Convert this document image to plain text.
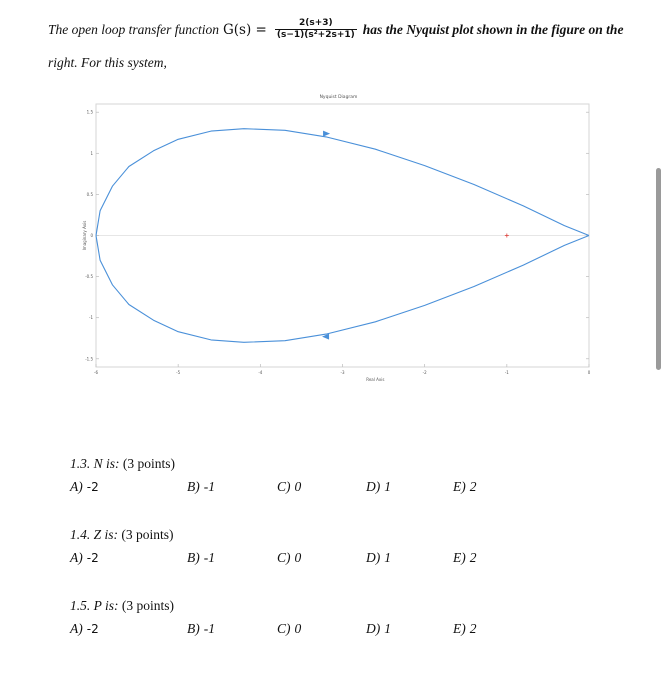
The open loop transfer function $G(s) = \frac{2(s+3)}{\text{(s−1)(s²+2s+1)}}$ has the Nyquist plot shown in the figure on the
right. For this system,
Nyquist Diagram
Real Axis
Imaginary Axis
-6	-5	-4	-3	-2	-1	0
1.5
1
0.5
0
-0.5
-1
-1.5
1.3. N is: (3 points)
A) -2	B) -1	C) 0	D) 1	E) 2
1.4. Z is: (3 points)
A) -2	B) -1	C) 0	D) 1	E) 2
1.5. P is: (3 points)
A) -2	B) -1	C) 0	D) 1	E) 2
